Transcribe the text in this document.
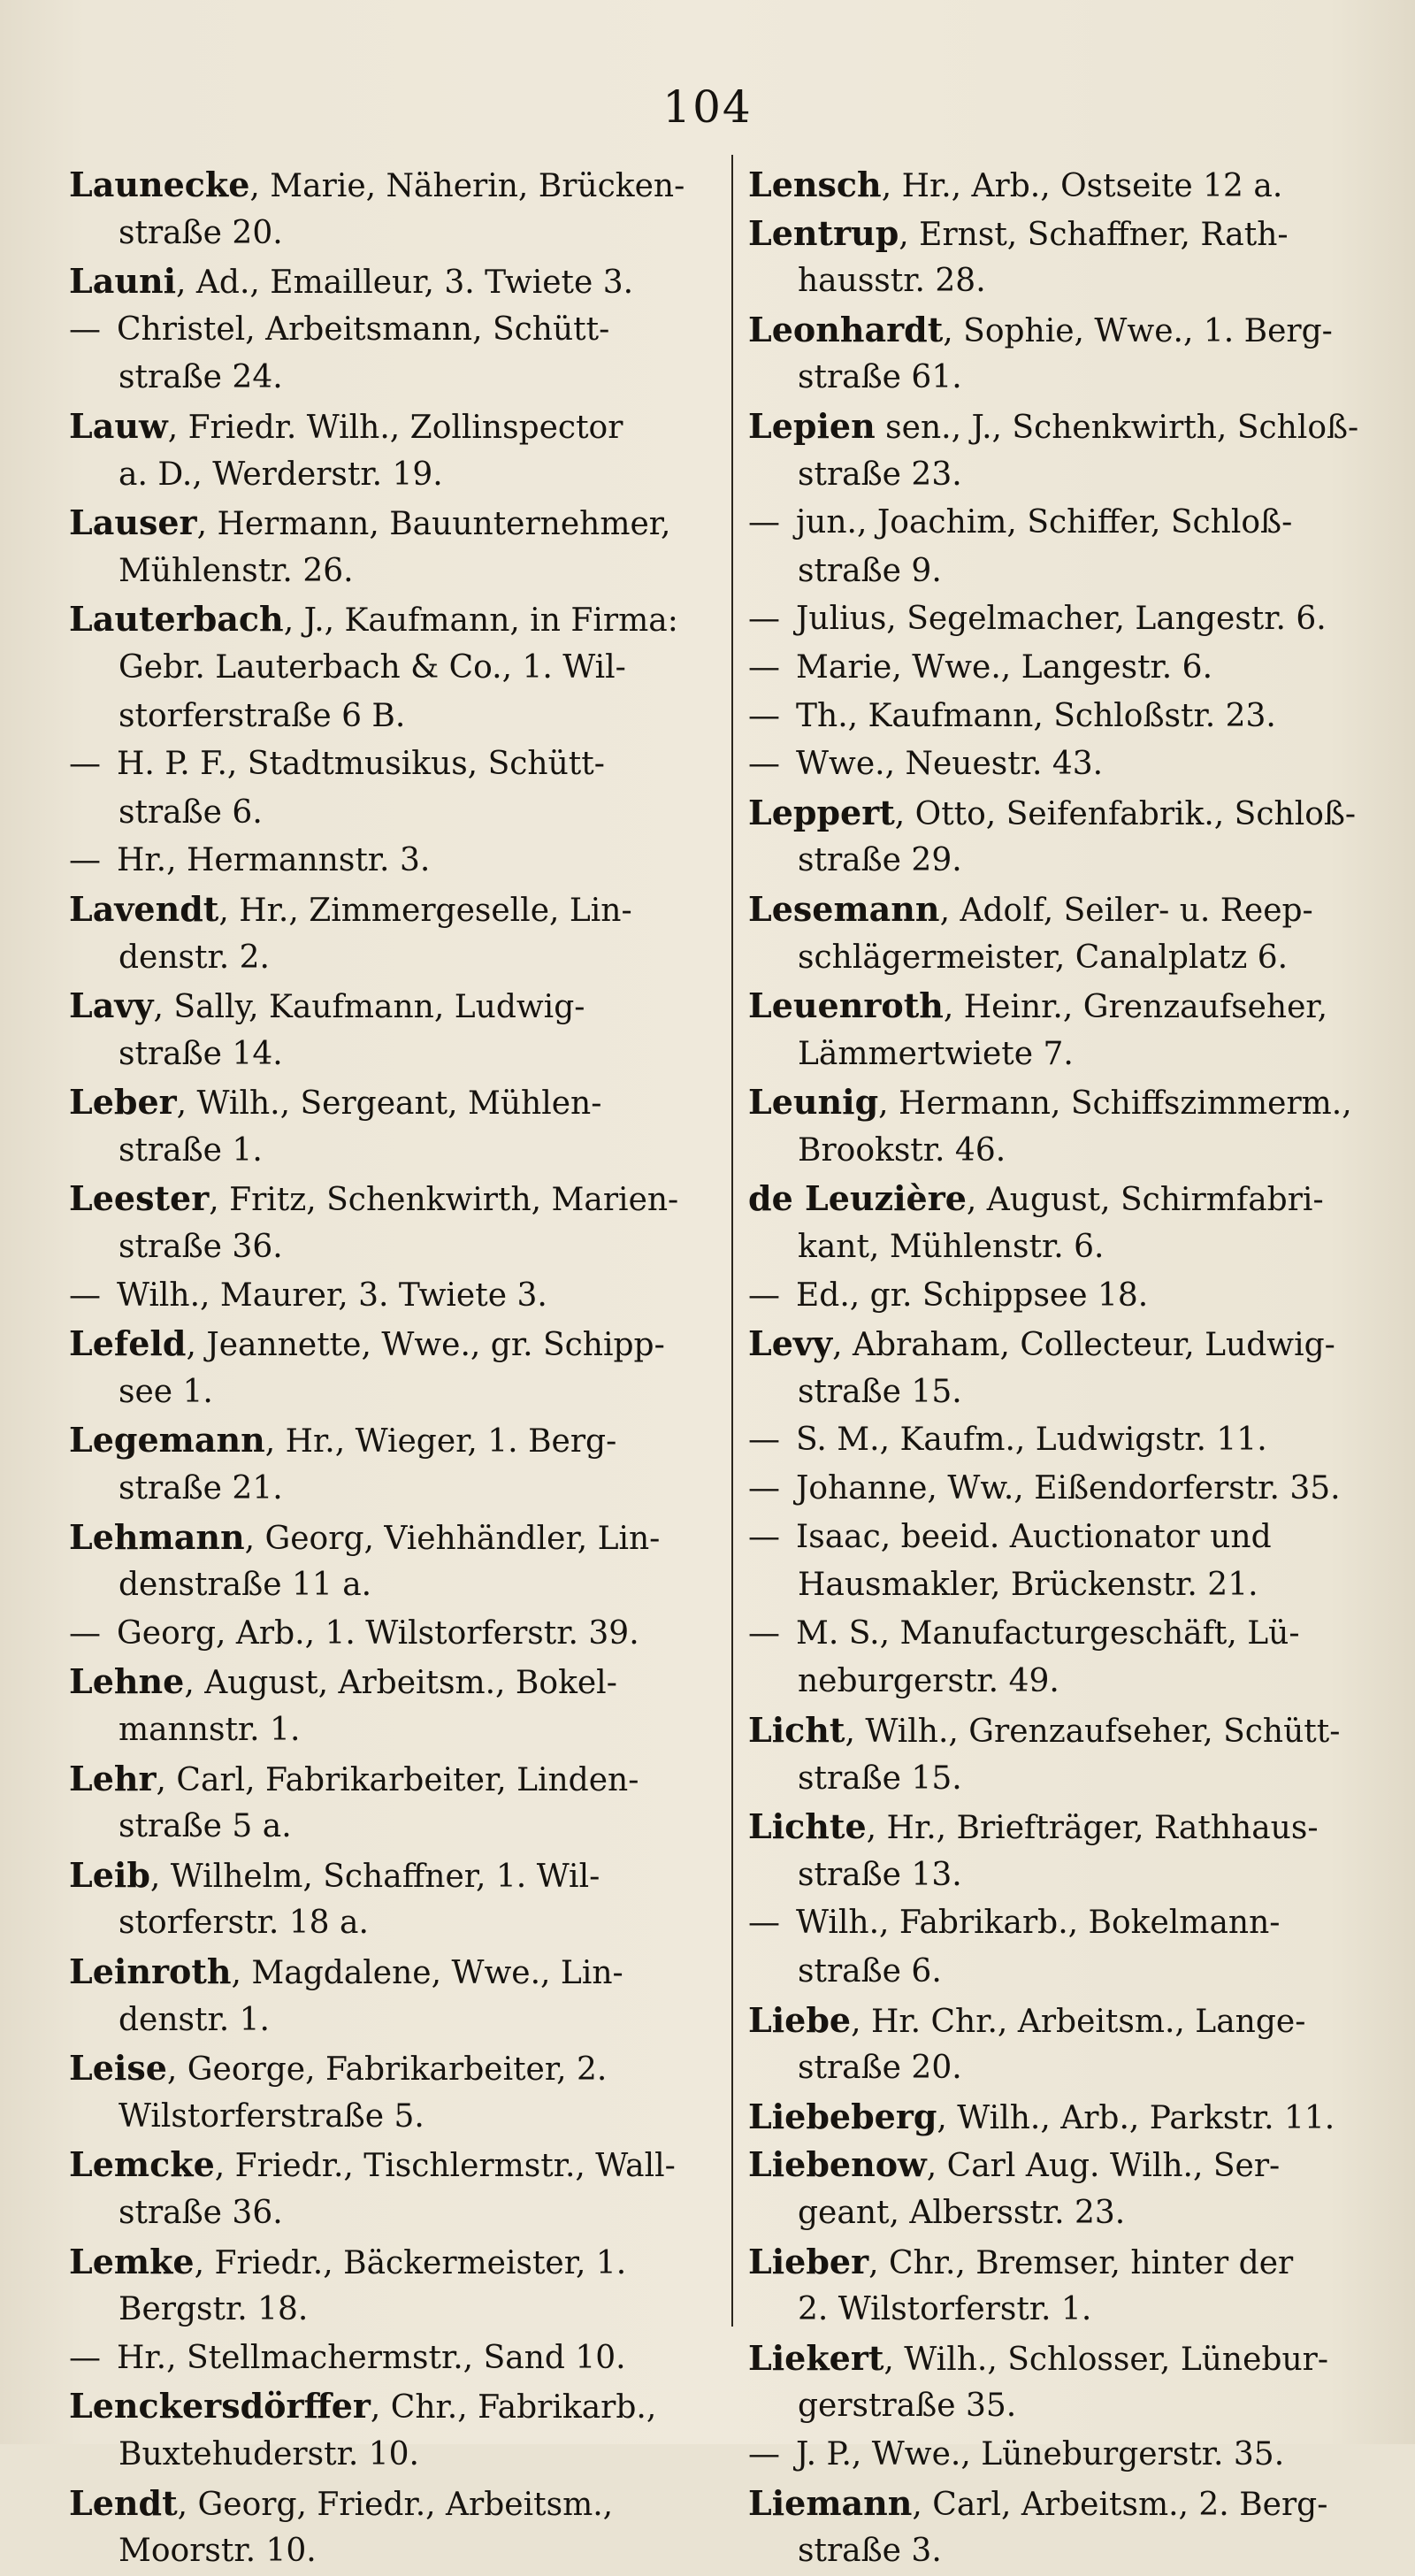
104
Launecke, Marie, Näherin, Brücken-
straße 20.
Launi, Ad., Emailleur, 3. Twiete 3.
— Christel, Arbeitsmann, Schütt-
straße 24.
Lauw, Friedr. Wilh., Zollinspector
a. D., Werderstr. 19.
Lauser, Hermann, Bauunternehmer,
Mühlenstr. 26.
Lauterbach, J., Kaufmann, in Firma:
Gebr. Lauterbach & Co., 1. Wil-
storferstraße 6 B.
— H. P. F., Stadtmusikus, Schütt-
straße 6.
— Hr., Hermannstr. 3.
Lavendt, Hr., Zimmergeselle, Lin-
denstr. 2.
Lavy, Sally, Kaufmann, Ludwig-
straße 14.
Leber, Wilh., Sergeant, Mühlen-
straße 1.
Leester, Fritz, Schenkwirth, Marien-
straße 36.
— Wilh., Maurer, 3. Twiete 3.
Lefeld, Jeannette, Wwe., gr. Schipp-
see 1.
Legemann, Hr., Wieger, 1. Berg-
straße 21.
Lehmann, Georg, Viehhändler, Lin-
denstraße 11 a.
— Georg, Arb., 1. Wilstorferstr. 39.
Lehne, August, Arbeitsm., Bokel-
mannstr. 1.
Lehr, Carl, Fabrikarbeiter, Linden-
straße 5 a.
Leib, Wilhelm, Schaffner, 1. Wil-
storferstr. 18 a.
Leinroth, Magdalene, Wwe., Lin-
denstr. 1.
Leise, George, Fabrikarbeiter, 2.
Wilstorferstraße 5.
Lemcke, Friedr., Tischlermstr., Wall-
straße 36.
Lemke, Friedr., Bäckermeister, 1.
Bergstr. 18.
— Hr., Stellmachermstr., Sand 10.
Lenckersdörffer, Chr., Fabrikarb.,
Buxtehuderstr. 10.
Lendt, Georg, Friedr., Arbeitsm.,
Moorstr. 10.
Lensch, Hr., Arb., Ostseite 12 a.
Lentrup, Ernst, Schaffner, Rath-
hausstr. 28.
Leonhardt, Sophie, Wwe., 1. Berg-
straße 61.
Lepien sen., J., Schenkwirth, Schloß-
straße 23.
— jun., Joachim, Schiffer, Schloß-
straße 9.
— Julius, Segelmacher, Langestr. 6.
— Marie, Wwe., Langestr. 6.
— Th., Kaufmann, Schloßstr. 23.
— Wwe., Neuestr. 43.
Leppert, Otto, Seifenfabrik., Schloß-
straße 29.
Lesemann, Adolf, Seiler- u. Reep-
schlägermeister, Canalplatz 6.
Leuenroth, Heinr., Grenzaufseher,
Lämmertwiete 7.
Leunig, Hermann, Schiffszimmerm.,
Brookstr. 46.
de Leuzière, August, Schirmfabri-
kant, Mühlenstr. 6.
— Ed., gr. Schippsee 18.
Levy, Abraham, Collecteur, Ludwig-
straße 15.
— S. M., Kaufm., Ludwigstr. 11.
— Johanne, Ww., Eißendorferstr. 35.
— Isaac, beeid. Auctionator und
Hausmakler, Brückenstr. 21.
— M. S., Manufacturgeschäft, Lü-
neburgerstr. 49.
Licht, Wilh., Grenzaufseher, Schütt-
straße 15.
Lichte, Hr., Briefträger, Rathhaus-
straße 13.
— Wilh., Fabrikarb., Bokelmann-
straße 6.
Liebe, Hr. Chr., Arbeitsm., Lange-
straße 20.
Liebeberg, Wilh., Arb., Parkstr. 11.
Liebenow, Carl Aug. Wilh., Ser-
geant, Albersstr. 23.
Lieber, Chr., Bremser, hinter der
2. Wilstorferstr. 1.
Liekert, Wilh., Schlosser, Lünebur-
gerstraße 35.
— J. P., Wwe., Lüneburgerstr. 35.
Liemann, Carl, Arbeitsm., 2. Berg-
straße 3.
